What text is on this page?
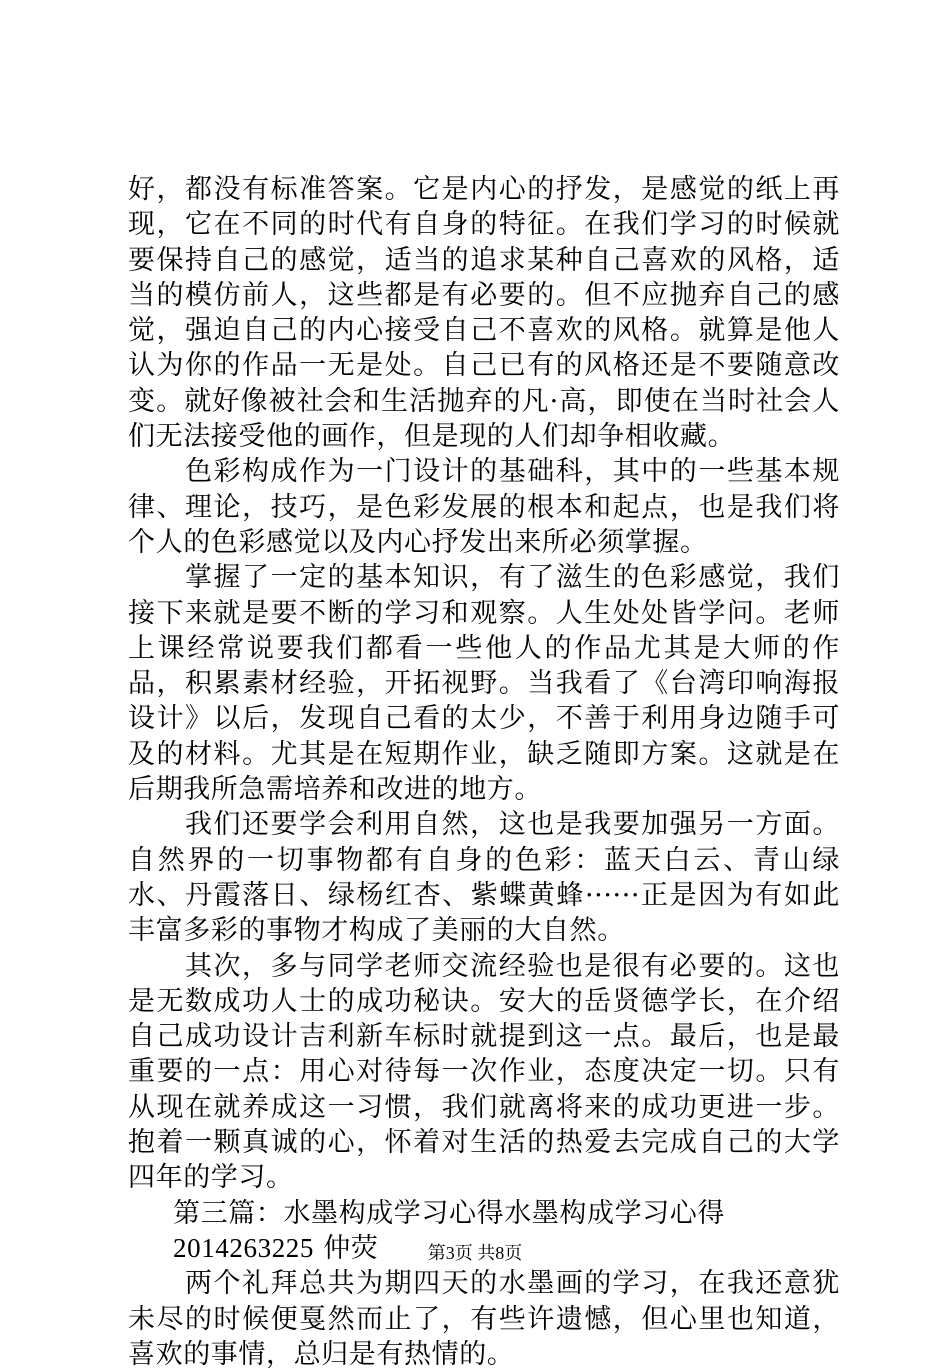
好，都没有标准答案。它是内心的抒发，是感觉的纸上再现，它在不同的时代有自身的特征。在我们学习的时候就要保持自己的感觉，适当的追求某种自己喜欢的风格，适当的模仿前人，这些都是有必要的。但不应抛弃自己的感觉，强迫自己的内心接受自己不喜欢的风格。就算是他人认为你的作品一无是处。自己已有的风格还是不要随意改变。就好像被社会和生活抛弃的凡·高，即使在当时社会人们无法接受他的画作，但是现的人们却争相收藏。

色彩构成作为一门设计的基础科，其中的一些基本规律、理论，技巧，是色彩发展的根本和起点，也是我们将个人的色彩感觉以及内心抒发出来所必须掌握。

掌握了一定的基本知识，有了滋生的色彩感觉，我们接下来就是要不断的学习和观察。人生处处皆学问。老师上课经常说要我们都看一些他人的作品尤其是大师的作品，积累素材经验，开拓视野。当我看了《台湾印响海报设计》以后，发现自己看的太少，不善于利用身边随手可及的材料。尤其是在短期作业，缺乏随即方案。这就是在后期我所急需培养和改进的地方。

我们还要学会利用自然，这也是我要加强另一方面。自然界的一切事物都有自身的色彩：蓝天白云、青山绿水、丹霞落日、绿杨红杏、紫蝶黄蜂······正是因为有如此丰富多彩的事物才构成了美丽的大自然。

其次，多与同学老师交流经验也是很有必要的。这也是无数成功人士的成功秘诀。安大的岳贤德学长，在介绍自己成功设计吉利新车标时就提到这一点。最后，也是最重要的一点：用心对待每一次作业，态度决定一切。只有从现在就养成这一习惯，我们就离将来的成功更进一步。抱着一颗真诚的心，怀着对生活的热爱去完成自己的大学四年的学习。

第三篇：水墨构成学习心得水墨构成学习心得

2014263225 仲荧

两个礼拜总共为期四天的水墨画的学习，在我还意犹未尽的时候便戛然而止了，有些许遗憾，但心里也知道，喜欢的事情，总归是有热情的。

第3页 共8页
